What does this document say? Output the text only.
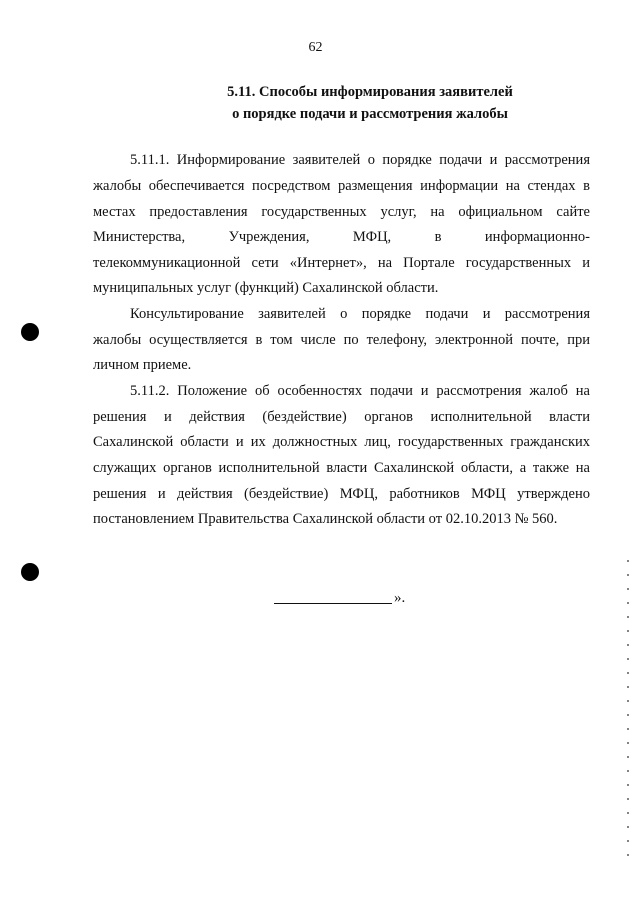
62
5.11. Способы информирования заявителей
о порядке подачи и рассмотрения жалобы
5.11.1. Информирование заявителей о порядке подачи и рассмотрения
жалобы обеспечивается посредством размещения информации на стендах в
местах предоставления государственных услуг, на официальном сайте
Министерства, Учреждения, МФЦ, в информационно-
телекоммуникационной сети «Интернет», на Портале государственных и
муниципальных услуг (функций) Сахалинской области.
Консультирование заявителей о порядке подачи и рассмотрения
жалобы осуществляется в том числе по телефону, электронной почте, при
личном приеме.
5.11.2. Положение об особенностях подачи и рассмотрения жалоб на
решения и действия (бездействие) органов исполнительной власти
Сахалинской области и их должностных лиц, государственных гражданских
служащих органов исполнительной власти Сахалинской области, а также на
решения и действия (бездействие) МФЦ, работников МФЦ утверждено
постановлением Правительства Сахалинской области от 02.10.2013 № 560.
».
